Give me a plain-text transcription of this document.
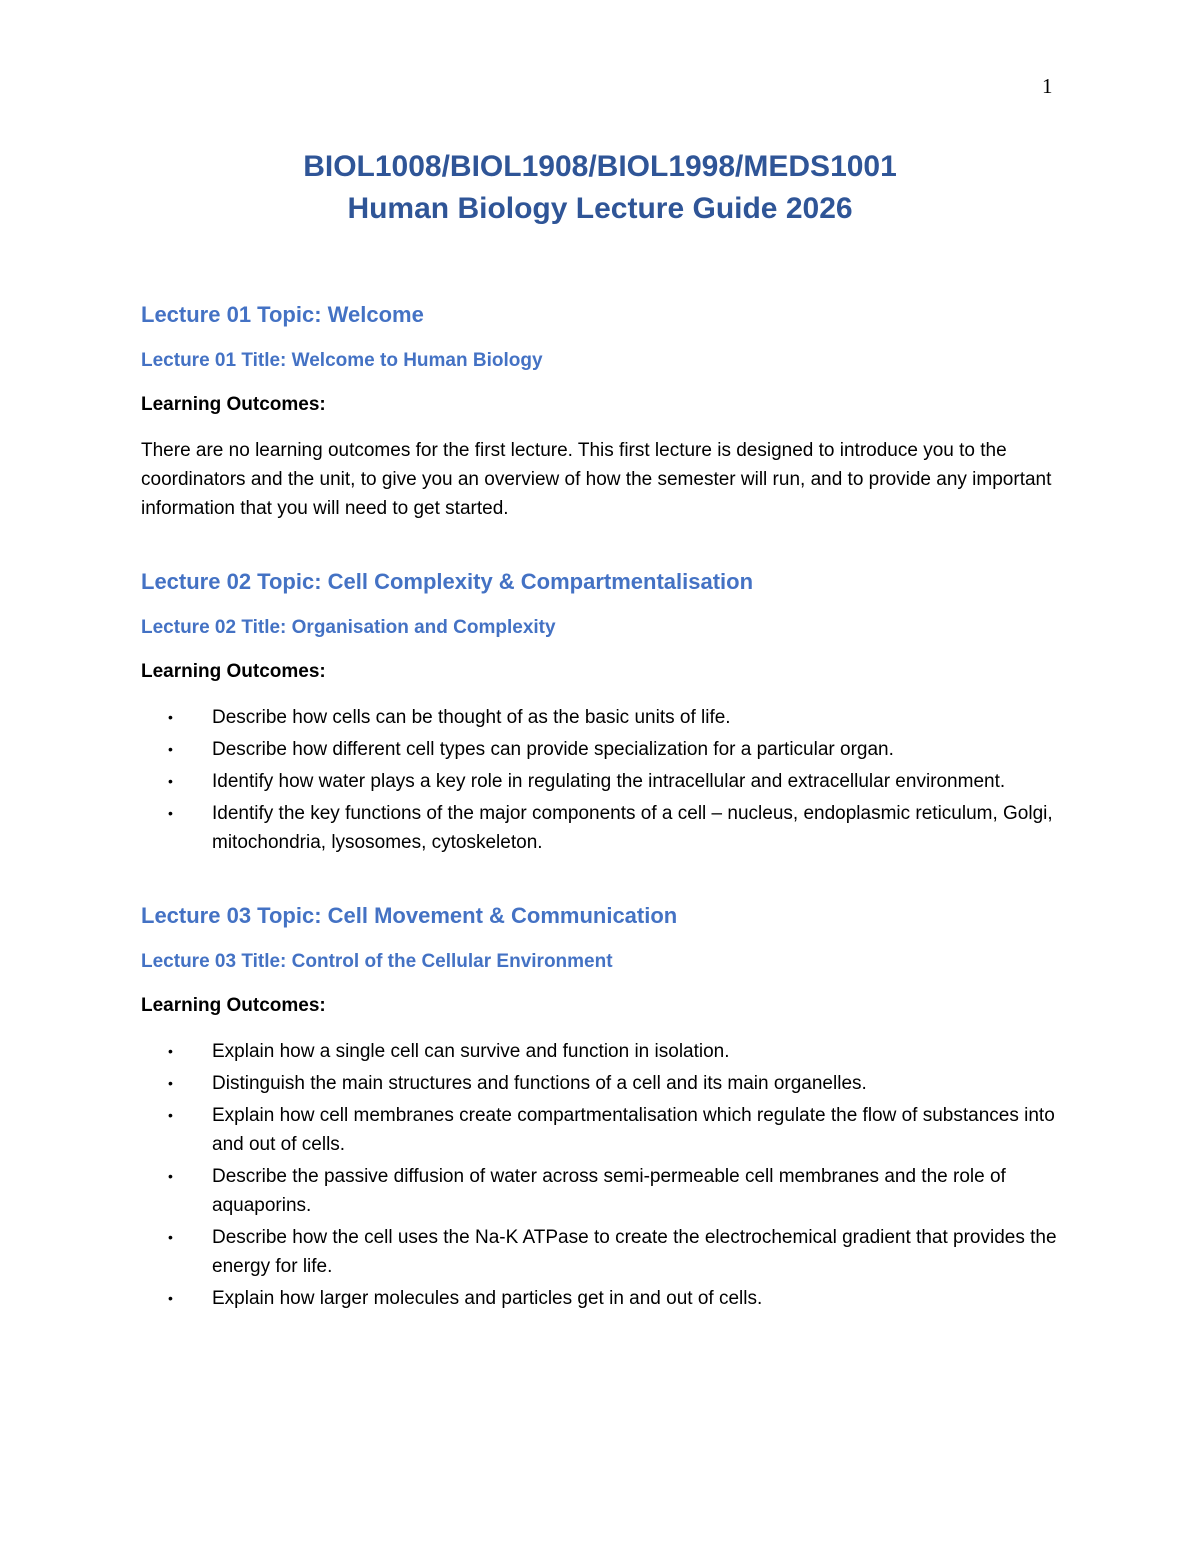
1
BIOL1008/BIOL1908/BIOL1998/MEDS1001
Human Biology Lecture Guide 2026
Lecture 01 Topic: Welcome
Lecture 01 Title: Welcome to Human Biology
Learning Outcomes:

There are no learning outcomes for the first lecture. This first lecture is designed to introduce you to the coordinators and the unit, to give you an overview of how the semester will run, and to provide any important information that you will need to get started.

Lecture 02 Topic: Cell Complexity & Compartmentalisation
Lecture 02 Title: Organisation and Complexity
Learning Outcomes:
• Describe how cells can be thought of as the basic units of life.
• Describe how different cell types can provide specialization for a particular organ.
• Identify how water plays a key role in regulating the intracellular and extracellular environment.
• Identify the key functions of the major components of a cell – nucleus, endoplasmic reticulum, Golgi, mitochondria, lysosomes, cytoskeleton.
Lecture 03 Topic: Cell Movement & Communication
Lecture 03 Title: Control of the Cellular Environment
Learning Outcomes:
• Explain how a single cell can survive and function in isolation.
• Distinguish the main structures and functions of a cell and its main organelles.
• Explain how cell membranes create compartmentalisation which regulate the flow of substances into and out of cells.
• Describe the passive diffusion of water across semi-permeable cell membranes and the role of aquaporins.
• Describe how the cell uses the Na-K ATPase to create the electrochemical gradient that provides the energy for life.
• Explain how larger molecules and particles get in and out of cells.
